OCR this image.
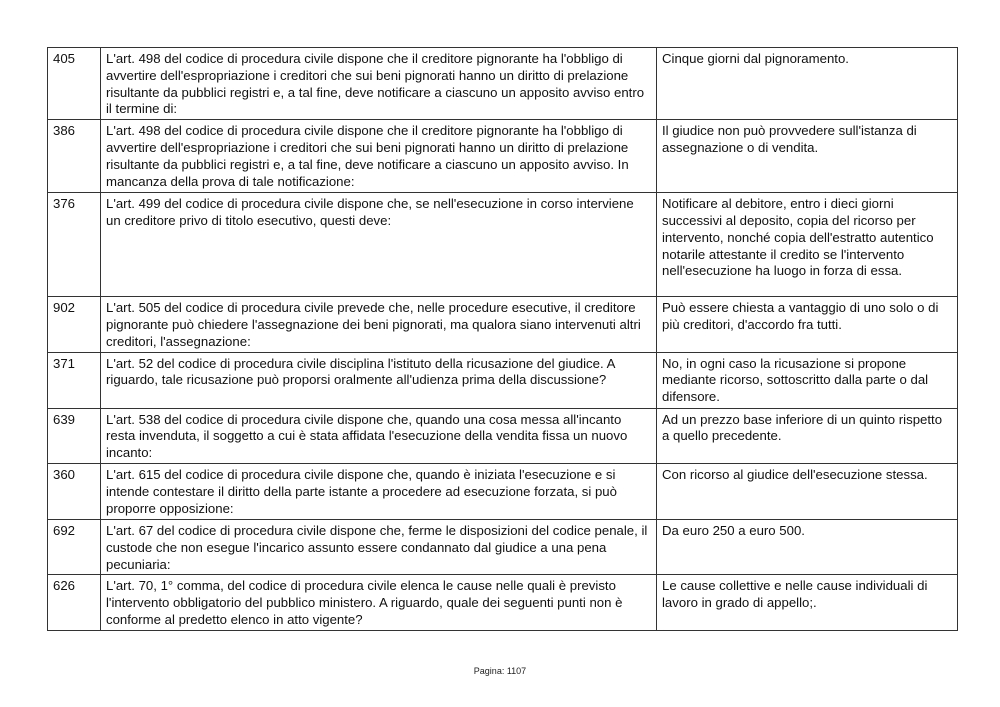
405	L'art. 498 del codice di procedura civile dispone che il creditore pignorante ha l'obbligo di avvertire dell'espropriazione i creditori che sui beni pignorati hanno un diritto di prelazione risultante da pubblici registri e, a tal fine, deve notificare a ciascuno un apposito avviso entro il termine di:	Cinque giorni dal pignoramento.
386	L'art. 498 del codice di procedura civile dispone che il creditore pignorante ha l'obbligo di avvertire dell'espropriazione i creditori che sui beni pignorati hanno un diritto di prelazione risultante da pubblici registri e, a tal fine, deve notificare a ciascuno un apposito avviso. In mancanza della prova di tale notificazione:	Il giudice non può provvedere sull'istanza di assegnazione o di vendita.
376	L'art. 499 del codice di procedura civile dispone che, se nell'esecuzione in corso interviene un creditore privo di titolo esecutivo, questi deve:	Notificare al debitore, entro i dieci giorni successivi al deposito, copia del ricorso per intervento, nonché copia dell'estratto autentico notarile attestante il credito se l'intervento nell'esecuzione ha luogo in forza di essa.
902	L'art. 505 del codice di procedura civile prevede che, nelle procedure esecutive, il creditore pignorante può chiedere l'assegnazione dei beni pignorati, ma qualora siano intervenuti altri creditori, l'assegnazione:	Può essere chiesta a vantaggio di uno solo o di più creditori, d'accordo fra tutti.
371	L'art. 52 del codice di procedura civile disciplina l'istituto della ricusazione del giudice. A riguardo, tale ricusazione può proporsi oralmente all'udienza prima della discussione?	No, in ogni caso la ricusazione si propone mediante ricorso, sottoscritto dalla parte o dal difensore.
639	L'art. 538 del codice di procedura civile dispone che, quando una cosa messa all'incanto resta invenduta, il soggetto a cui è stata affidata l'esecuzione della vendita fissa un nuovo incanto:	Ad un prezzo base inferiore di un quinto rispetto a quello precedente.
360	L'art. 615 del codice di procedura civile dispone che, quando è iniziata l'esecuzione e si intende contestare il diritto della parte istante a procedere ad esecuzione forzata, si può proporre opposizione:	Con ricorso al giudice dell'esecuzione stessa.
692	L'art. 67 del codice di procedura civile dispone che, ferme le disposizioni del codice penale, il custode che non esegue l'incarico assunto essere condannato dal giudice a una pena pecuniaria:	Da euro 250 a euro 500.
626	L'art. 70, 1° comma, del codice di procedura civile elenca le cause nelle quali è previsto l'intervento obbligatorio del pubblico ministero. A riguardo, quale dei seguenti punti non è conforme al predetto elenco in atto vigente?	Le cause collettive e nelle cause individuali di lavoro in grado di appello;.
Pagina: 1107
